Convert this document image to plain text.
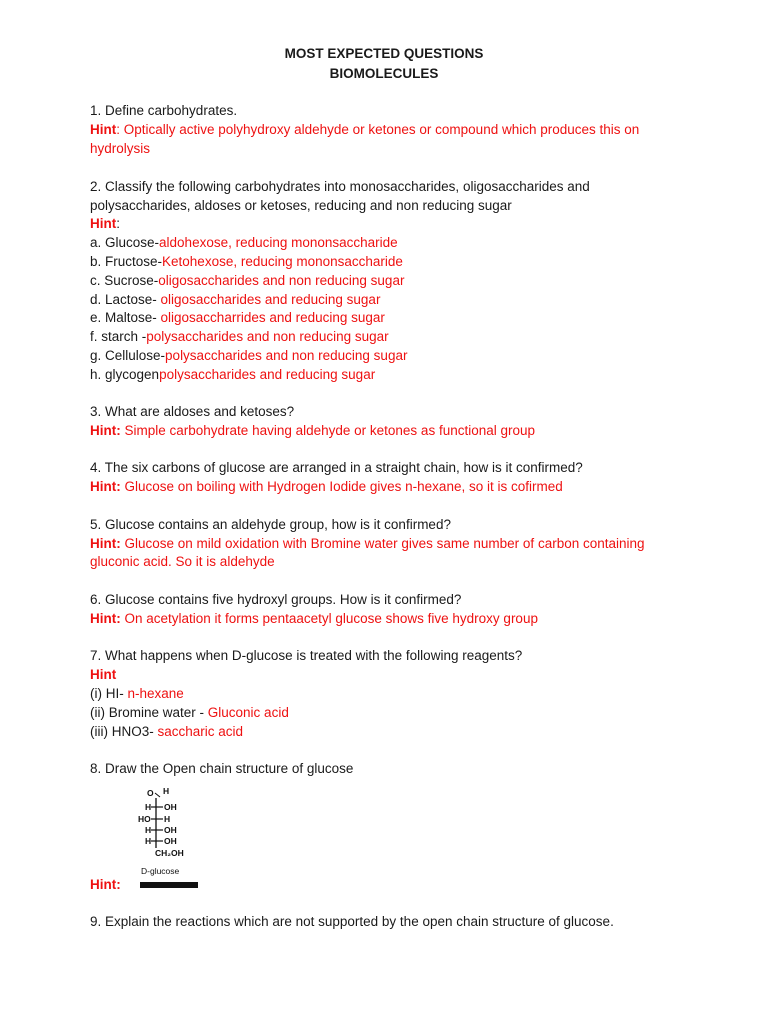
MOST EXPECTED QUESTIONS
BIOMOLECULES
1. Define carbohydrates.
Hint: Optically active polyhydroxy aldehyde or ketones or compound which produces this on
hydrolysis
2. Classify the following carbohydrates into monosaccharides, oligosaccharides and
polysaccharides, aldoses or ketoses, reducing and non reducing sugar
Hint:
a. Glucose-aldohexose, reducing mononsaccharide
b. Fructose-Ketohexose, reducing mononsaccharide
c. Sucrose-oligosaccharides and non reducing sugar
d. Lactose- oligosaccharides and reducing sugar
e. Maltose- oligosaccharrides and reducing sugar
f. starch -polysaccharides and non reducing sugar
g. Cellulose-polysaccharides and non reducing sugar
h. glycogenpolysaccharides and reducing sugar
3. What are aldoses and ketoses?
Hint: Simple carbohydrate having aldehyde or ketones as functional group
4. The six carbons of glucose are arranged in a straight chain, how is it confirmed?
Hint: Glucose on boiling with Hydrogen Iodide gives n-hexane, so it is cofirmed
5. Glucose contains an aldehyde group, how is it confirmed?
Hint: Glucose on mild oxidation with Bromine water gives same number of carbon containing
gluconic acid. So it is aldehyde
6. Glucose contains five hydroxyl groups. How is it confirmed?
Hint: On acetylation it forms pentaacetyl glucose shows five hydroxy group
7. What happens when D-glucose is treated with the following reagents?
Hint
(i) HI- n-hexane
(ii) Bromine water - Gluconic acid
(iii) HNO3- saccharic acid
8. Draw the Open chain structure of glucose
O H
H OH
HO H
H OH
H OH
CH₂OH
D-glucose
Hint:
9. Explain the reactions which are not supported by the open chain structure of glucose.
